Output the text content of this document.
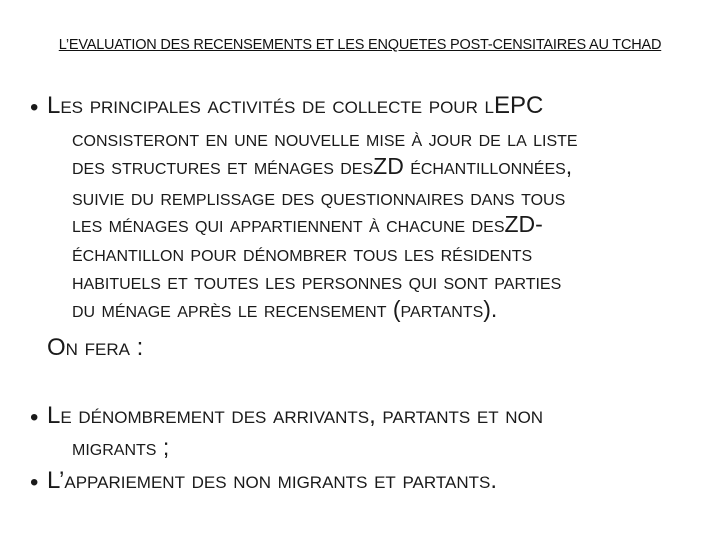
L’EVALUATION DES RECENSEMENTS ET LES ENQUETES POST-CENSITAIRES AU TCHAD
• Les principales activités de collecte pour lEPC
consisteront en une nouvelle mise à jour de la liste
des structures et ménages desZD échantillonnées,
suivie du remplissage des questionnaires dans tous
les ménages qui appartiennent à chacune desZD-
échantillon pour dénombrer tous les résidents
habituels et toutes les personnes qui sont parties
du ménage après le recensement (partants).
On fera :
• Le dénombrement des arrivants, partants et non
migrants ;
• L’appariement des non migrants et partants.
